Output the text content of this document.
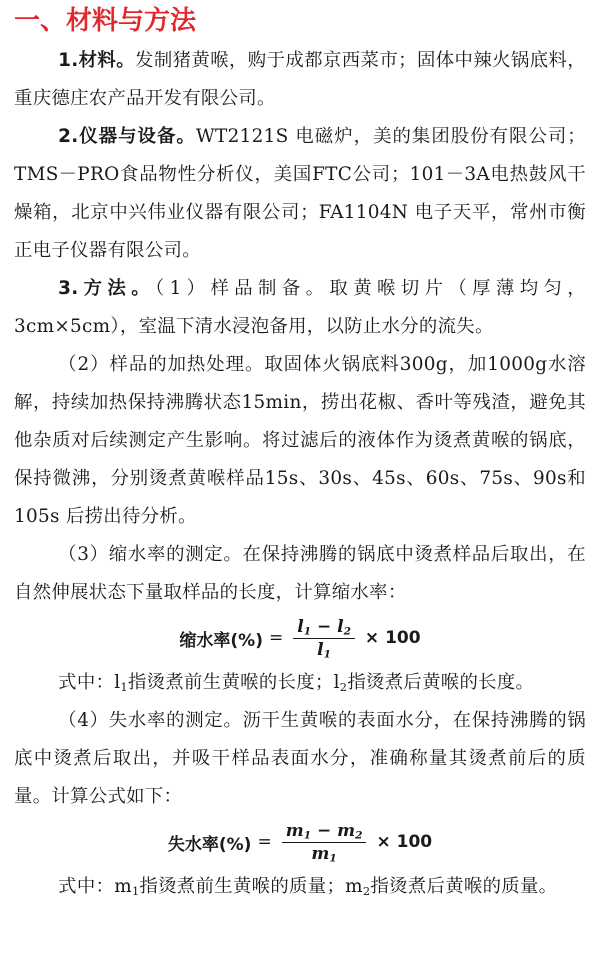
一、材料与方法

1.材料。发制猪黄喉，购于成都京西菜市；固体中辣火锅底料，重庆德庄农产品开发有限公司。

2.仪器与设备。WT2121S 电磁炉，美的集团股份有限公司；TMS－PRO食品物性分析仪，美国FTC公司；101－3A电热鼓风干燥箱，北京中兴伟业仪器有限公司；FA1104N 电子天平，常州市衡正电子仪器有限公司。

3.方法。（1）样品制备。取黄喉切片（厚薄均匀，3cm×5cm），室温下清水浸泡备用，以防止水分的流失。

（2）样品的加热处理。取固体火锅底料300g，加1000g水溶解，持续加热保持沸腾状态15min，捞出花椒、香叶等残渣，避免其他杂质对后续测定产生影响。将过滤后的液体作为烫煮黄喉的锅底，保持微沸，分别烫煮黄喉样品15s、30s、45s、60s、75s、90s和105s 后捞出待分析。

（3）缩水率的测定。在保持沸腾的锅底中烫煮样品后取出，在自然伸展状态下量取样品的长度，计算缩水率：

缩水率(%) = $\frac{l_1 - l_2}{l_1} \times 100$

式中：$l_1$指烫煮前生黄喉的长度；$l_2$指烫煮后黄喉的长度。

（4）失水率的测定。沥干生黄喉的表面水分，在保持沸腾的锅底中烫煮后取出，并吸干样品表面水分，准确称量其烫煮前后的质量。计算公式如下：

失水率(%) = $\frac{m_1 - m_2}{m_1} \times 100$

式中：$m_1$指烫煮前生黄喉的质量；$m_2$指烫煮后黄喉的质量。
